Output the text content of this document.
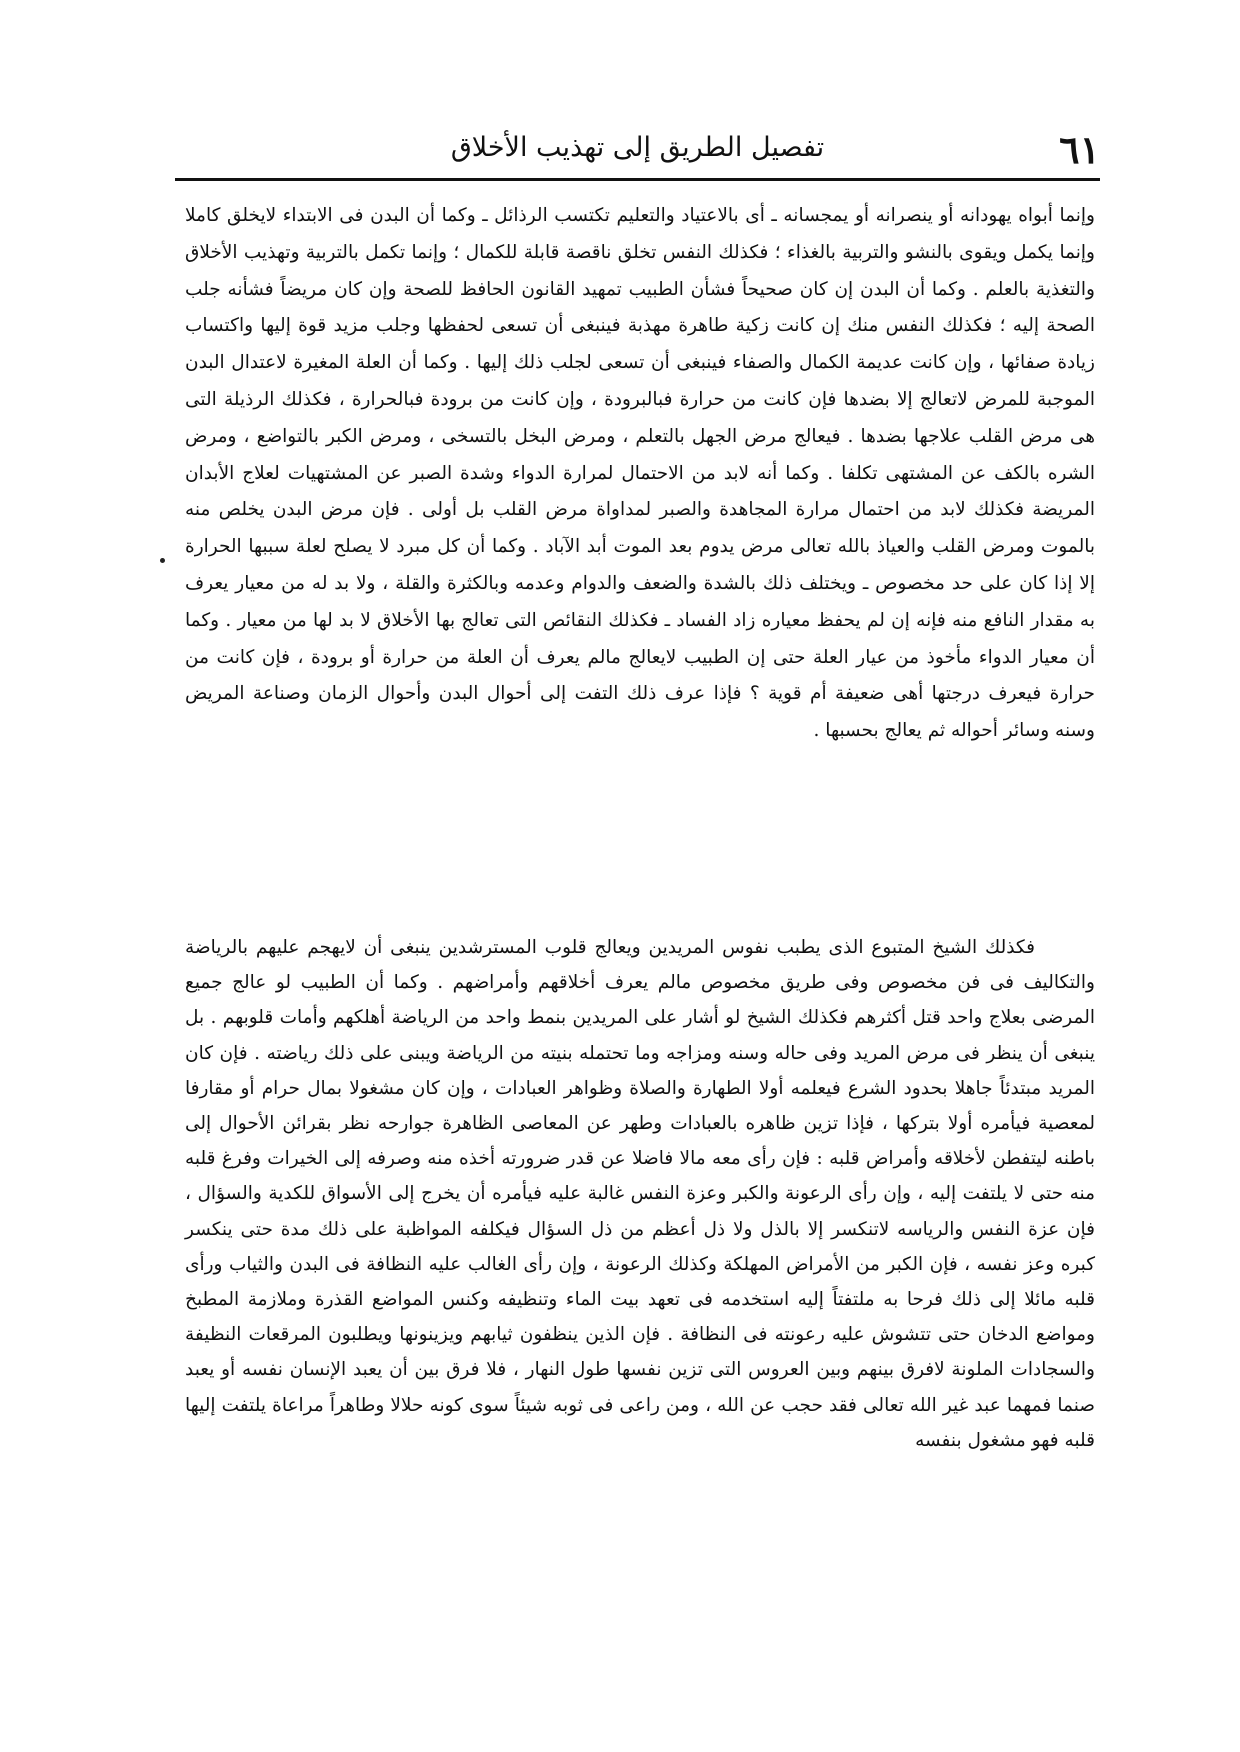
٦١
تفصيل الطريق إلى تهذيب الأخلاق

وإنما أبواه يهودانه أو ينصرانه أو يمجسانه ـ أى بالاعتياد والتعليم تكتسب الرذائل ـ وكما أن البدن فى الابتداء لايخلق كاملا وإنما يكمل ويقوى بالنشو والتربية بالغذاء ؛ فكذلك النفس تخلق ناقصة قابلة للكمال ؛ وإنما تكمل بالتربية وتهذيب الأخلاق والتغذية بالعلم . وكما أن البدن إن كان صحيحاً فشأن الطبيب تمهيد القانون الحافظ للصحة وإن كان مريضاً فشأنه جلب الصحة إليه ؛ فكذلك النفس منك إن كانت زكية طاهرة مهذبة فينبغى أن تسعى لحفظها وجلب مزيد قوة إليها واكتساب زيادة صفائها ، وإن كانت عديمة الكمال والصفاء فينبغى أن تسعى لجلب ذلك إليها . وكما أن العلة المغيرة لاعتدال البدن الموجبة للمرض لاتعالج إلا بضدها فإن كانت من حرارة فبالبرودة ، وإن كانت من برودة فبالحرارة ، فكذلك الرذيلة التى هى مرض القلب علاجها بضدها . فيعالج مرض الجهل بالتعلم ، ومرض البخل بالتسخى ، ومرض الكبر بالتواضع ، ومرض الشره بالكف عن المشتهى تكلفا . وكما أنه لابد من الاحتمال لمرارة الدواء وشدة الصبر عن المشتهيات لعلاج الأبدان المريضة فكذلك لابد من احتمال مرارة المجاهدة والصبر لمداواة مرض القلب بل أولى . فإن مرض البدن يخلص منه بالموت ومرض القلب والعياذ بالله تعالى مرض يدوم بعد الموت أبد الآباد . وكما أن كل مبرد لا يصلح لعلة سببها الحرارة إلا إذا كان على حد مخصوص ـ ويختلف ذلك بالشدة والضعف والدوام وعدمه وبالكثرة والقلة ، ولا بد له من معيار يعرف به مقدار النافع منه فإنه إن لم يحفظ معياره زاد الفساد ـ فكذلك النقائص التى تعالج بها الأخلاق لا بد لها من معيار . وكما أن معيار الدواء مأخوذ من عيار العلة حتى إن الطبيب لايعالج مالم يعرف أن العلة من حرارة أو برودة ، فإن كانت من حرارة فيعرف درجتها أهى ضعيفة أم قوية ؟ فإذا عرف ذلك التفت إلى أحوال البدن وأحوال الزمان وصناعة المريض وسنه وسائر أحواله ثم يعالج بحسبها .

فكذلك الشيخ المتبوع الذى يطبب نفوس المريدين ويعالج قلوب المسترشدين ينبغى أن لايهجم عليهم بالرياضة والتكاليف فى فن مخصوص وفى طريق مخصوص مالم يعرف أخلاقهم وأمراضهم . وكما أن الطبيب لو عالج جميع المرضى بعلاج واحد قتل أكثرهم فكذلك الشيخ لو أشار على المريدين بنمط واحد من الرياضة أهلكهم وأمات قلوبهم . بل ينبغى أن ينظر فى مرض المريد وفى حاله وسنه ومزاجه وما تحتمله بنيته من الرياضة ويبنى على ذلك رياضته . فإن كان المريد مبتدئاً جاهلا بحدود الشرع فيعلمه أولا الطهارة والصلاة وظواهر العبادات ، وإن كان مشغولا بمال حرام أو مقارفا لمعصية فيأمره أولا بتركها ، فإذا تزين ظاهره بالعبادات وطهر عن المعاصى الظاهرة جوارحه نظر بقرائن الأحوال إلى باطنه ليتفطن لأخلاقه وأمراض قلبه : فإن رأى معه مالا فاضلا عن قدر ضرورته أخذه منه وصرفه إلى الخيرات وفرغ قلبه منه حتى لا يلتفت إليه ، وإن رأى الرعونة والكبر وعزة النفس غالبة عليه فيأمره أن يخرج إلى الأسواق للكدية والسؤال ، فإن عزة النفس والرياسه لاتنكسر إلا بالذل ولا ذل أعظم من ذل السؤال فيكلفه المواظبة على ذلك مدة حتى ينكسر كبره وعز نفسه ، فإن الكبر من الأمراض المهلكة وكذلك الرعونة ، وإن رأى الغالب عليه النظافة فى البدن والثياب ورأى قلبه مائلا إلى ذلك فرحا به ملتفتاً إليه استخدمه فى تعهد بيت الماء وتنظيفه وكنس المواضع القذرة وملازمة المطبخ ومواضع الدخان حتى تتشوش عليه رعونته فى النظافة . فإن الذين ينظفون ثيابهم ويزينونها ويطلبون المرقعات النظيفة والسجادات الملونة لافرق بينهم وبين العروس التى تزين نفسها طول النهار ، فلا فرق بين أن يعبد الإنسان نفسه أو يعبد صنما فمهما عبد غير الله تعالى فقد حجب عن الله ، ومن راعى فى ثوبه شيئاً سوى كونه حلالا وطاهراً مراعاة يلتفت إليها قلبه فهو مشغول بنفسه
